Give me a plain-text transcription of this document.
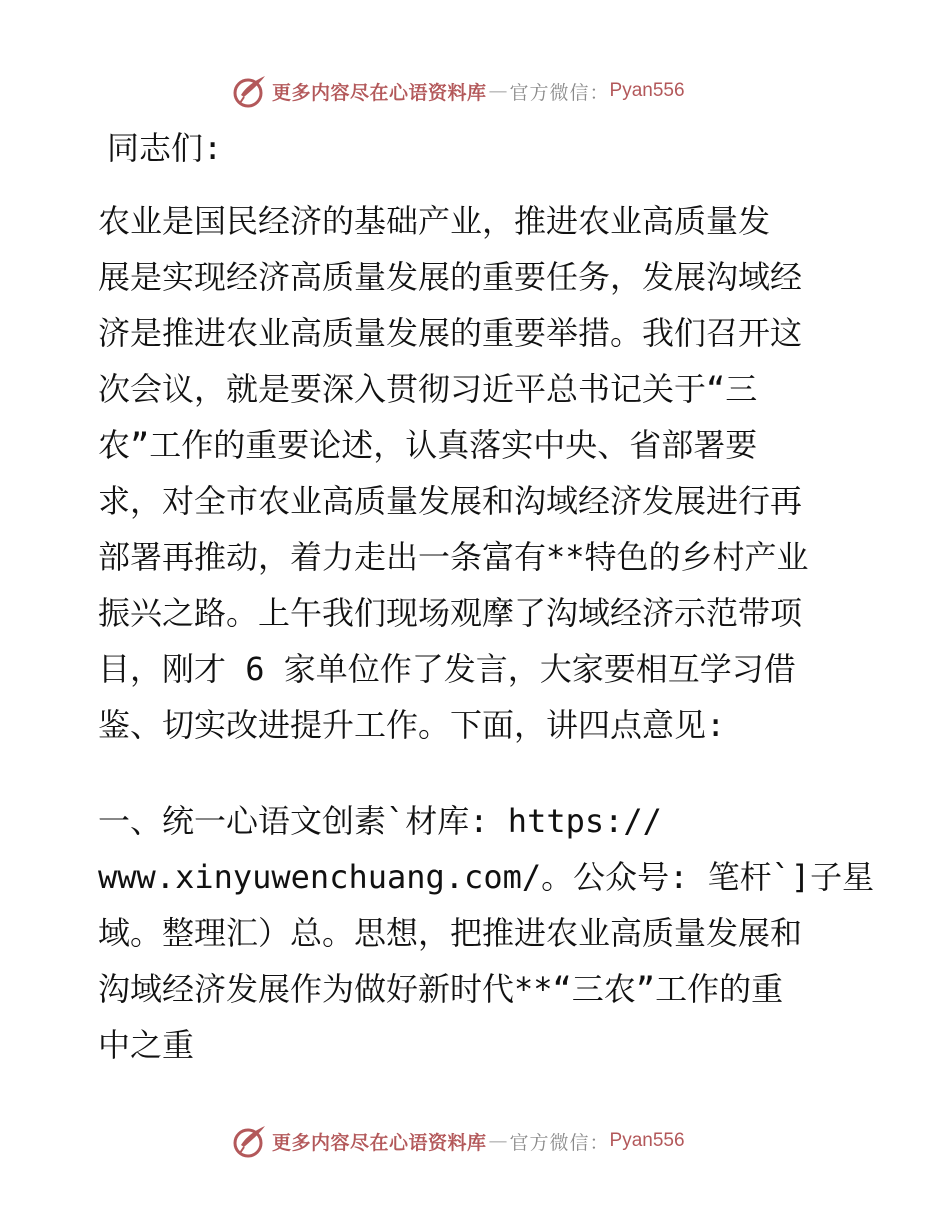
更多内容尽在心语资料库 — 官方微信： Pyan556
同志们:
农业是国民经济的基础产业，推进农业高质量发
展是实现经济高质量发展的重要任务，发展沟域经
济是推进农业高质量发展的重要举措。我们召开这
次会议，就是要深入贯彻习近平总书记关于“三
农”工作的重要论述，认真落实中央、省部署要
求，对全市农业高质量发展和沟域经济发展进行再
部署再推动，着力走出一条富有**特色的乡村产业
振兴之路。上午我们现场观摩了沟域经济示范带项
目，刚才 6 家单位作了发言，大家要相互学习借
鉴、切实改进提升工作。下面，讲四点意见:
一、统一心语文创素`材库: https://
www.xinyuwenchuang.com/。公众号: 笔杆`]子星
域。整理汇）总。思想，把推进农业高质量发展和
沟域经济发展作为做好新时代**“三农”工作的重
中之重
更多内容尽在心语资料库 — 官方微信： Pyan556
